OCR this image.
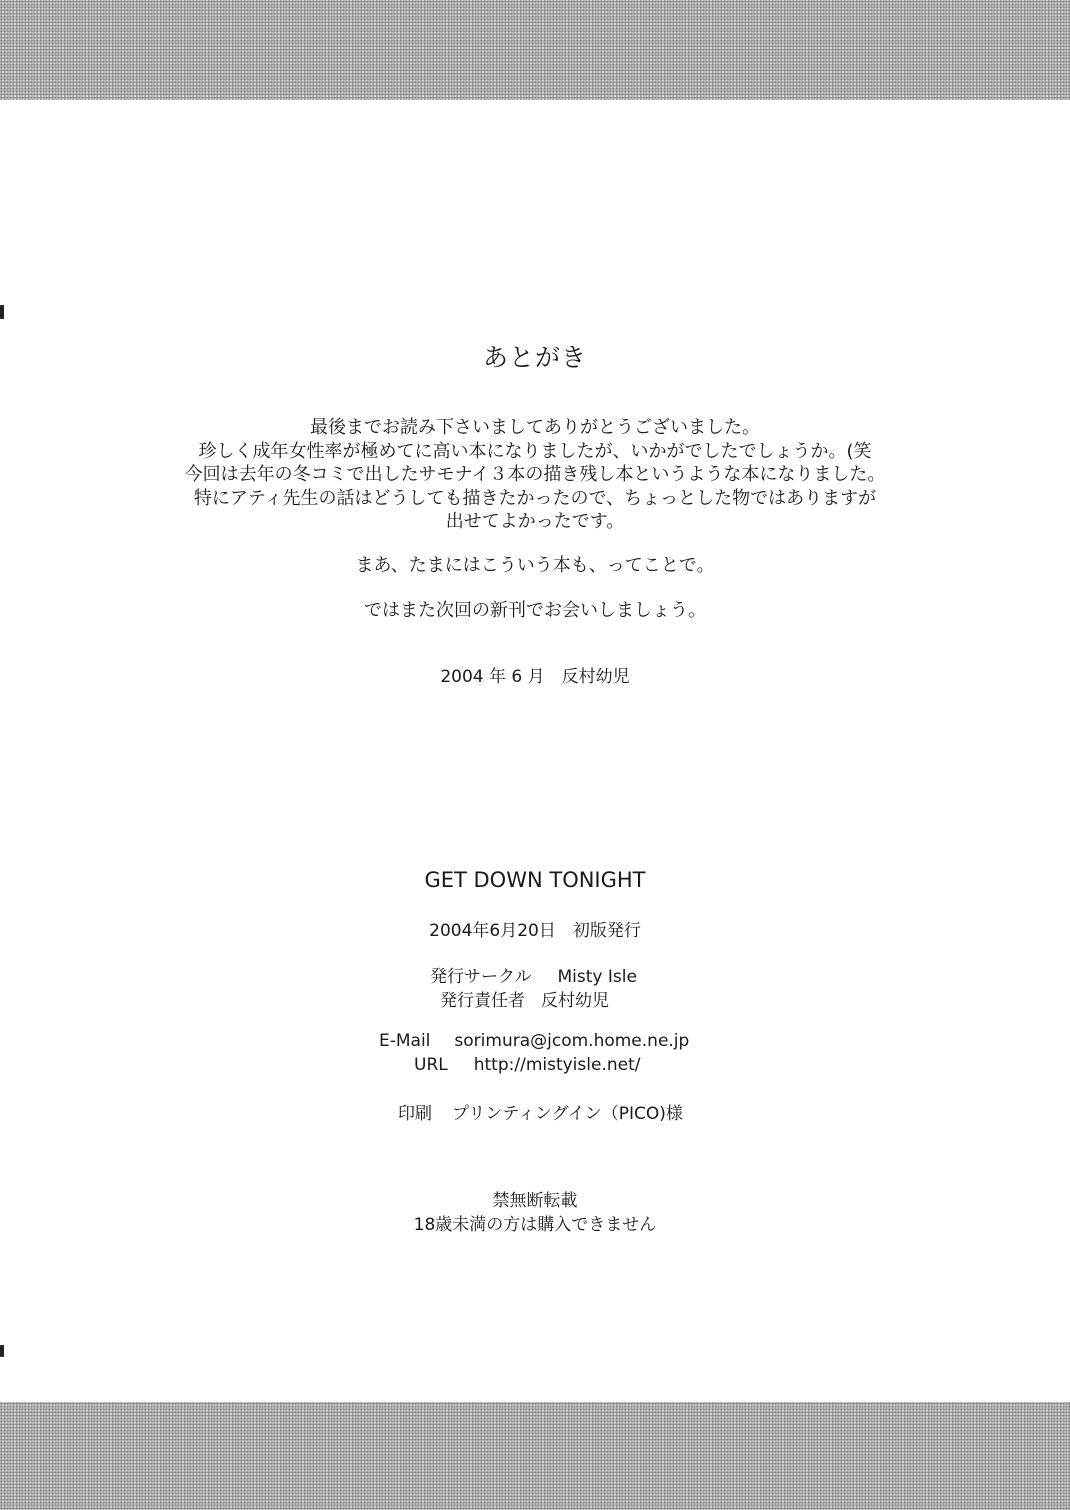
あとがき
最後までお読み下さいましてありがとうございました。
珍しく成年女性率が極めてに高い本になりましたが、いかがでしたでしょうか。(笑
今回は去年の冬コミで出したサモナイ３本の描き残し本というような本になりました。
特にアティ先生の話はどうしても描きたかったので、ちょっとした物ではありますが
出せてよかったです。

まあ、たまにはこういう本も、ってことで。

ではまた次回の新刊でお会いしましょう。

2004 年 6 月　反村幼児

GET DOWN TONIGHT

2004年6月20日　初版発行

発行サークル Misty Isle
発行責任者 反村幼児
E-Mail sorimura@jcom.home.ne.jp
URL http://mistyisle.net/
印刷 プリンティングイン（PICO)様

禁無断転載

18歳未満の方は購入できません
